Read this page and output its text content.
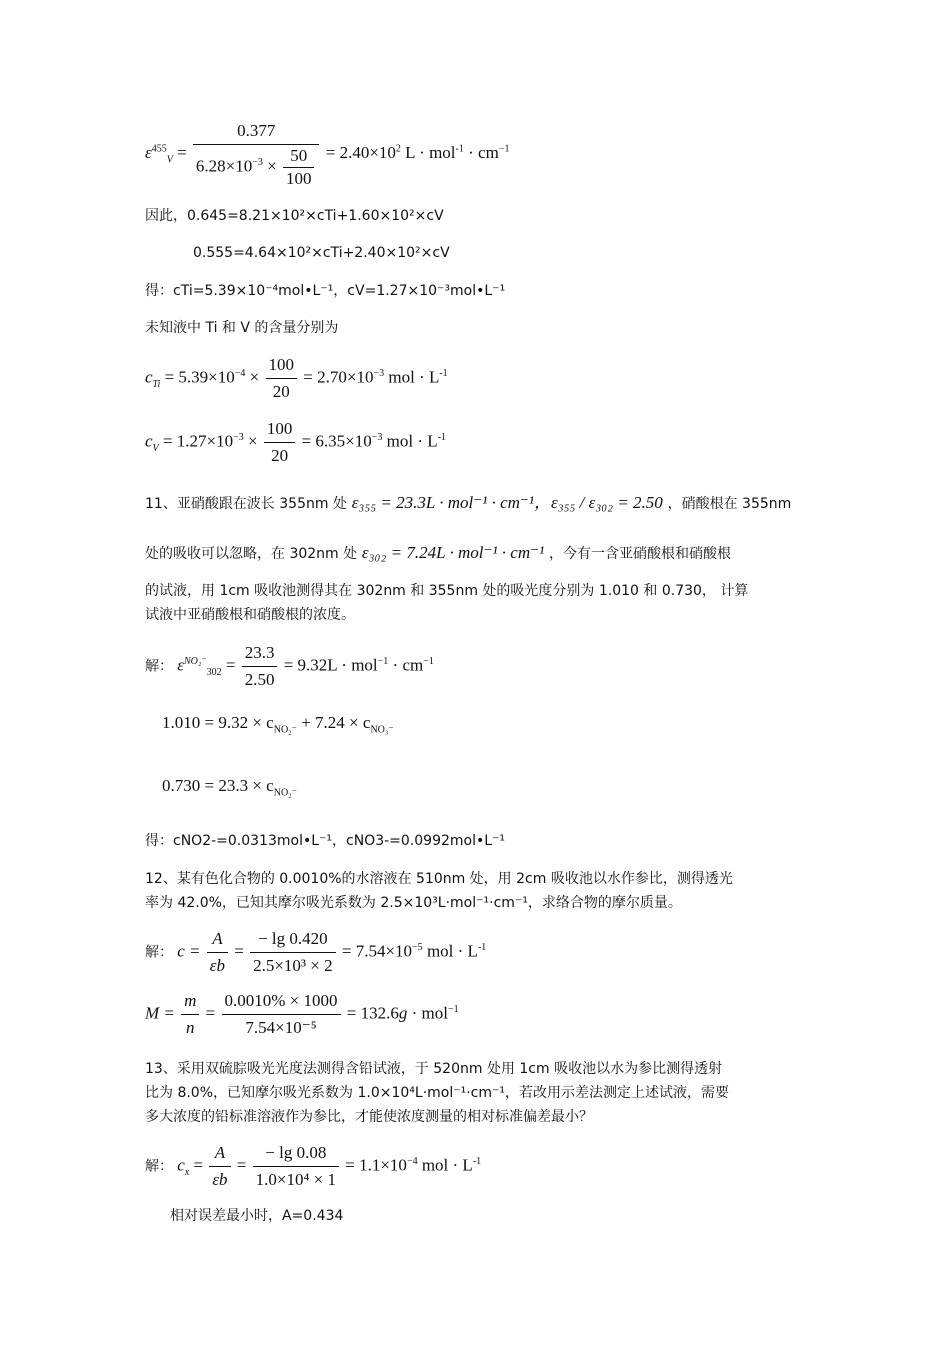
$\varepsilon^{455}_V = \frac{0.377}{6.28\times 10^{-3} \times \frac{50}{100}} = 2.40\times 10^2$ $L \cdot mol^{-1} \cdot cm^{-1}$
因此，0.645=8.21×10²×cTi+1.60×10²×cV
0.555=4.64×10²×cTi+2.40×10²×cV
得：cTi=5.39×10⁻⁴mol•L⁻¹，cV=1.27×10⁻³mol•L⁻¹
未知液中 Ti 和 V 的含量分别为
$c_{Ti} = 5.39\times 10^{-4} \times \frac{100}{20} = 2.70\times 10^{-3}$ mol · $L^{-1}$
$c_V = 1.27\times 10^{-3} \times \frac{100}{20} = 6.35\times 10^{-3}$ mol · $L^{-1}$
11、亚硝酸跟在波长 355nm 处 ε₃₅₅ = 23.3L · mol⁻¹ · cm⁻¹，ε₃₅₅ / ε₃₀₂ = 2.50 ，硝酸根在 355nm
处的吸收可以忽略，在 302nm 处 ε₃₀₂ = 7.24L · mol⁻¹ · cm⁻¹ ，今有一含亚硝酸根和硝酸根
的试液，用 1cm 吸收池测得其在 302nm 和 355nm 处的吸光度分别为 1.010 和 0.730， 计算
试液中亚硝酸根和硝酸根的浓度。
解： $\varepsilon^{NO_2^-}_{302} = \frac{23.3}{2.50} = 9.32L \cdot mol^{-1} \cdot cm^{-1}$
$1.010 = 9.32 \times c_{NO_2^-} + 7.24 \times c_{NO_3^-}$
$0.730 = 23.3 \times c_{NO_2^-}$
得：cNO2-=0.0313mol•L⁻¹，cNO3-=0.0992mol•L⁻¹
12、某有色化合物的 0.0010%的水溶液在 510nm 处，用 2cm 吸收池以水作参比，测得透光
率为 42.0%，已知其摩尔吸光系数为 2.5×10³L·mol⁻¹·cm⁻¹，求络合物的摩尔质量。
解： $c = \frac{A}{\varepsilon b} = \frac{- \lg 0.420}{\text{2.5×10³ × 2}} = 7.54\times 10^{-5}$ mol · $L^{-1}$
$M = \frac{m}{n} = \frac{0.0010\% \times 1000}{\text{7.54×10⁻⁵}} = 132.6g \cdot mol^{-1}$
13、采用双硫腙吸光光度法测得含铅试液，于 520nm 处用 1cm 吸收池以水为参比测得透射
比为 8.0%，已知摩尔吸光系数为 1.0×10⁴L·mol⁻¹·cm⁻¹，若改用示差法测定上述试液，需要
多大浓度的铅标准溶液作为参比，才能使浓度测量的相对标准偏差最小？
解： $c_x = \frac{A}{\varepsilon b} = \frac{- \lg 0.08}{\text{1.0×10⁴ × 1}} = 1.1\times 10^{-4}$ mol · $L^{-1}$
相对误差最小时，A=0.434
